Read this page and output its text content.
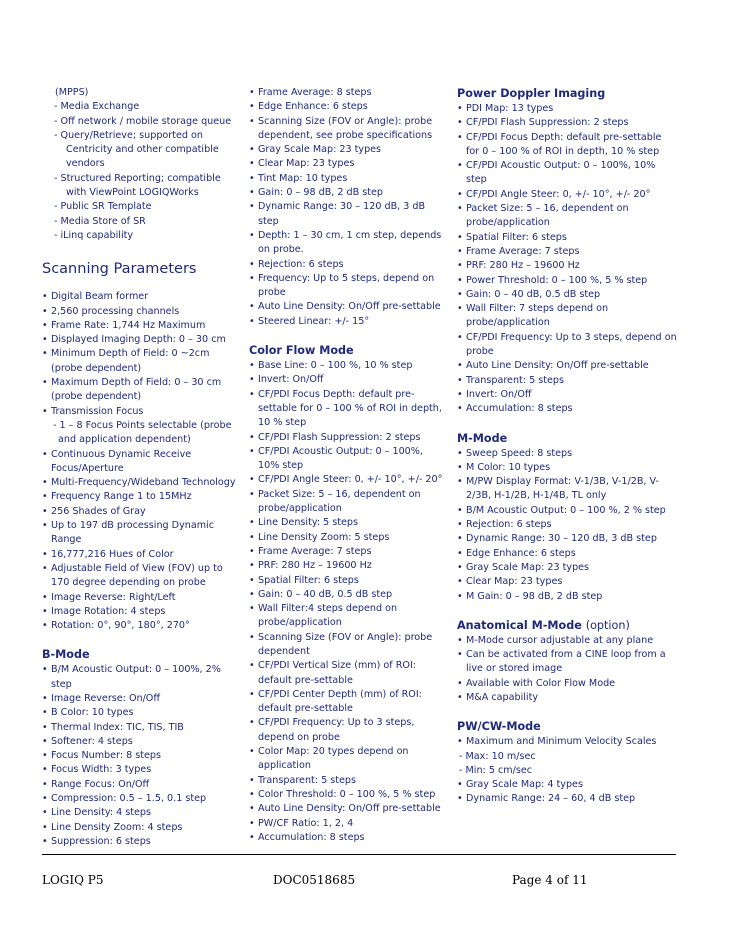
(MPPS)
- Media Exchange
- Off network / mobile storage queue
- Query/Retrieve; supported on Centricity and other compatible vendors
- Structured Reporting; compatible with ViewPoint LOGIQWorks
- Public SR Template
- Media Store of SR
- iLinq capability
Scanning Parameters
• Digital Beam former
• 2,560 processing channels
• Frame Rate: 1,744 Hz Maximum
• Displayed Imaging Depth: 0 – 30 cm
• Minimum Depth of Field: 0 ~2cm (probe dependent)
• Maximum Depth of Field: 0 – 30 cm (probe dependent)
• Transmission Focus
- 1 – 8 Focus Points selectable (probe and application dependent)
• Continuous Dynamic Receive Focus/Aperture
• Multi-Frequency/Wideband Technology
• Frequency Range 1 to 15MHz
• 256 Shades of Gray
• Up to 197 dB processing Dynamic Range
• 16,777,216 Hues of Color
• Adjustable Field of View (FOV) up to 170 degree depending on probe
• Image Reverse: Right/Left
• Image Rotation: 4 steps
• Rotation: 0°, 90°, 180°, 270°
B-Mode
• B/M Acoustic Output: 0 – 100%, 2% step
• Image Reverse: On/Off
• B Color: 10 types
• Thermal Index: TIC, TIS, TIB
• Softener: 4 steps
• Focus Number: 8 steps
• Focus Width: 3 types
• Range Focus: On/Off
• Compression: 0.5 – 1.5, 0.1 step
• Line Density: 4 steps
• Line Density Zoom: 4 steps
• Suppression: 6 steps
• Frame Average: 8 steps
• Edge Enhance: 6 steps
• Scanning Size (FOV or Angle): probe dependent, see probe specifications
• Gray Scale Map: 23 types
• Clear Map: 23 types
• Tint Map: 10 types
• Gain: 0 – 98 dB, 2 dB step
• Dynamic Range: 30 – 120 dB, 3 dB step
• Depth: 1 – 30 cm, 1 cm step, depends on probe.
• Rejection: 6 steps
• Frequency: Up to 5 steps, depend on probe
• Auto Line Density: On/Off pre-settable
• Steered Linear: +/- 15°
Color Flow Mode
• Base Line: 0 – 100 %, 10 % step
• Invert: On/Off
• CF/PDI Focus Depth: default pre-settable for 0 – 100 % of ROI in depth, 10 % step
• CF/PDI Flash Suppression: 2 steps
• CF/PDI Acoustic Output: 0 – 100%, 10% step
• CF/PDI Angle Steer: 0, +/- 10°, +/- 20°
• Packet Size: 5 – 16, dependent on probe/application
• Line Density: 5 steps
• Line Density Zoom: 5 steps
• Frame Average: 7 steps
• PRF: 280 Hz – 19600 Hz
• Spatial Filter: 6 steps
• Gain: 0 – 40 dB, 0.5 dB step
• Wall Filter:4 steps depend on probe/application
• Scanning Size (FOV or Angle): probe dependent
• CF/PDI Vertical Size (mm) of ROI: default pre-settable
• CF/PDI Center Depth (mm) of ROI: default pre-settable
• CF/PDI Frequency: Up to 3 steps, depend on probe
• Color Map: 20 types depend on application
• Transparent: 5 steps
• Color Threshold: 0 – 100 %, 5 % step
• Auto Line Density: On/Off pre-settable
• PW/CF Ratio: 1, 2, 4
• Accumulation: 8 steps
Power Doppler Imaging
• PDI Map: 13 types
• CF/PDI Flash Suppression: 2 steps
• CF/PDI Focus Depth: default pre-settable for 0 – 100 % of ROI in depth, 10 % step
• CF/PDI Acoustic Output: 0 – 100%, 10% step
• CF/PDI Angle Steer: 0, +/- 10°, +/- 20°
• Packet Size: 5 – 16, dependent on probe/application
• Spatial Filter: 6 steps
• Frame Average: 7 steps
• PRF: 280 Hz – 19600 Hz
• Power Threshold: 0 – 100 %, 5 % step
• Gain: 0 – 40 dB, 0.5 dB step
• Wall Filter: 7 steps depend on probe/application
• CF/PDI Frequency: Up to 3 steps, depend on probe
• Auto Line Density: On/Off pre-settable
• Transparent: 5 steps
• Invert: On/Off
• Accumulation: 8 steps
M-Mode
• Sweep Speed: 8 steps
• M Color: 10 types
• M/PW Display Format: V-1/3B, V-1/2B, V-2/3B, H-1/2B, H-1/4B, TL only
• B/M Acoustic Output: 0 – 100 %, 2 % step
• Rejection: 6 steps
• Dynamic Range: 30 – 120 dB, 3 dB step
• Edge Enhance: 6 steps
• Gray Scale Map: 23 types
• Clear Map: 23 types
• M Gain: 0 – 98 dB, 2 dB step
Anatomical M-Mode (option)
• M-Mode cursor adjustable at any plane
• Can be activated from a CINE loop from a live or stored image
• Available with Color Flow Mode
• M&A capability
PW/CW-Mode
• Maximum and Minimum Velocity Scales
- Max: 10 m/sec
- Min: 5 cm/sec
• Gray Scale Map: 4 types
• Dynamic Range: 24 – 60, 4 dB step
LOGIQ P5	DOC0518685	Page 4 of 11
